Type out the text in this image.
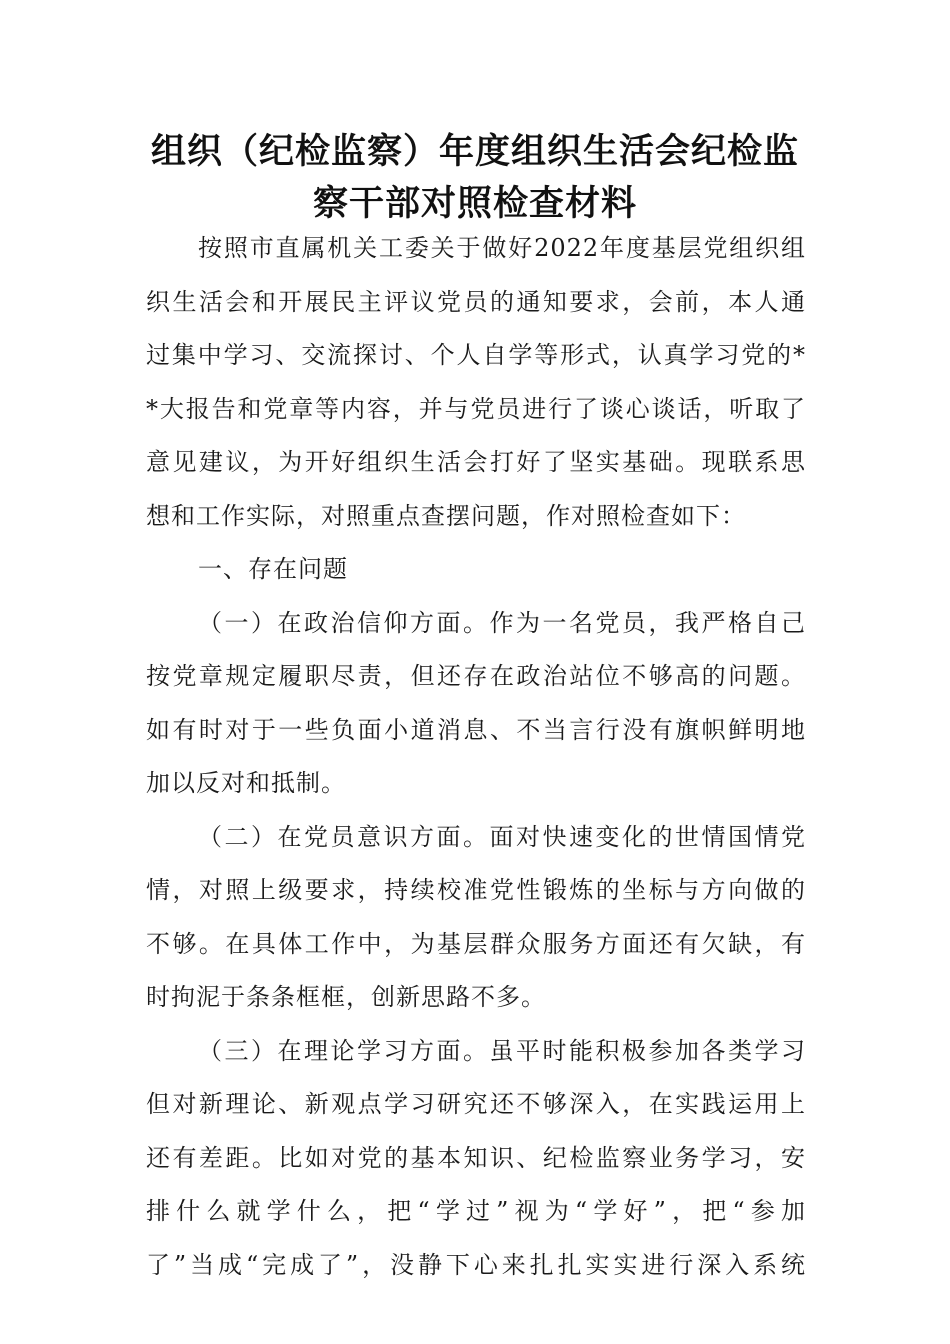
组织（纪检监察）年度组织生活会纪检监
察干部对照检查材料
按照市直属机关工委关于做好2022年度基层党组织组
织生活会和开展民主评议党员的通知要求，会前，本人通
过集中学习、交流探讨、个人自学等形式，认真学习党的*
*大报告和党章等内容，并与党员进行了谈心谈话，听取了
意见建议，为开好组织生活会打好了坚实基础。现联系思
想和工作实际，对照重点查摆问题，作对照检查如下：
一、存在问题
（一）在政治信仰方面。作为一名党员，我严格自己
按党章规定履职尽责，但还存在政治站位不够高的问题。
如有时对于一些负面小道消息、不当言行没有旗帜鲜明地
加以反对和抵制。
（二）在党员意识方面。面对快速变化的世情国情党
情，对照上级要求，持续校准党性锻炼的坐标与方向做的
不够。在具体工作中，为基层群众服务方面还有欠缺，有
时拘泥于条条框框，创新思路不多。
（三）在理论学习方面。虽平时能积极参加各类学习
但对新理论、新观点学习研究还不够深入，在实践运用上
还有差距。比如对党的基本知识、纪检监察业务学习，安
排什么就学什么，把“学过”视为“学好”，把“参加
了”当成“完成了”，没静下心来扎扎实实进行深入系统
